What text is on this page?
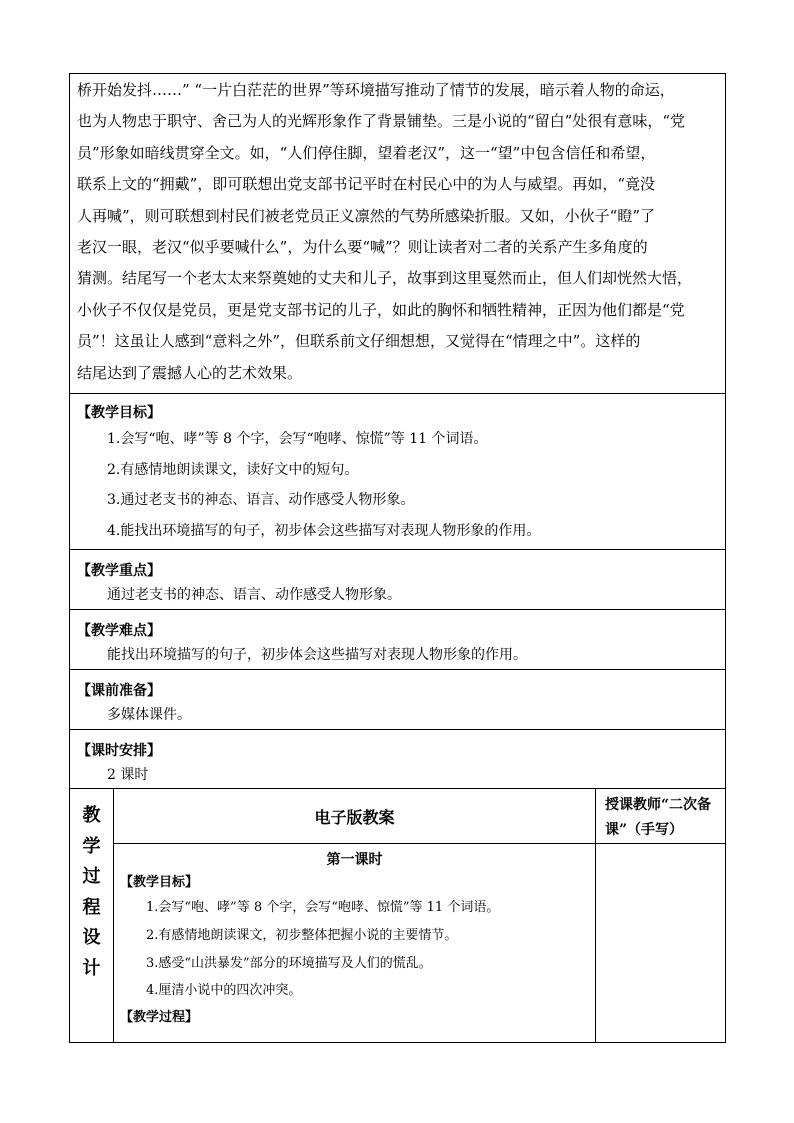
桥开始发抖……” “一片白茫茫的世界”等环境描写推动了情节的发展，暗示着人物的命运，
也为人物忠于职守、舍己为人的光辉形象作了背景铺垫。三是小说的“留白”处很有意味，“党
员”形象如暗线贯穿全文。如，“人们停住脚，望着老汉”，这一“望”中包含信任和希望，
联系上文的“拥戴”，即可联想出党支部书记平时在村民心中的为人与威望。再如，“竟没
人再喊”，则可联想到村民们被老党员正义凛然的气势所感染折服。又如，小伙子“瞪”了
老汉一眼，老汉“似乎要喊什么”，为什么要“喊”？则让读者对二者的关系产生多角度的
猜测。结尾写一个老太太来祭奠她的丈夫和儿子，故事到这里戛然而止，但人们却恍然大悟，
小伙子不仅仅是党员，更是党支部书记的儿子，如此的胸怀和牺牲精神，正因为他们都是“党
员”！这虽让人感到“意料之外”，但联系前文仔细想想，又觉得在“情理之中”。这样的
结尾达到了震撼人心的艺术效果。
【教学目标】
1.会写“咆、哮”等 8 个字，会写“咆哮、惊慌”等 11 个词语。
2.有感情地朗读课文，读好文中的短句。
3.通过老支书的神态、语言、动作感受人物形象。
4.能找出环境描写的句子，初步体会这些描写对表现人物形象的作用。
【教学重点】
通过老支书的神态、语言、动作感受人物形象。
【教学难点】
能找出环境描写的句子，初步体会这些描写对表现人物形象的作用。
【课前准备】
多媒体课件。
【课时安排】
2 课时
教
学
过
程
设
计
电子版教案
第一课时
【教学目标】
1.会写“咆、哮”等 8 个字，会写“咆哮、惊慌”等 11 个词语。
2.有感情地朗读课文，初步整体把握小说的主要情节。
3.感受“山洪暴发”部分的环境描写及人们的慌乱。
4.厘清小说中的四次冲突。
【教学过程】
授课教师“二次备课”（手写）
